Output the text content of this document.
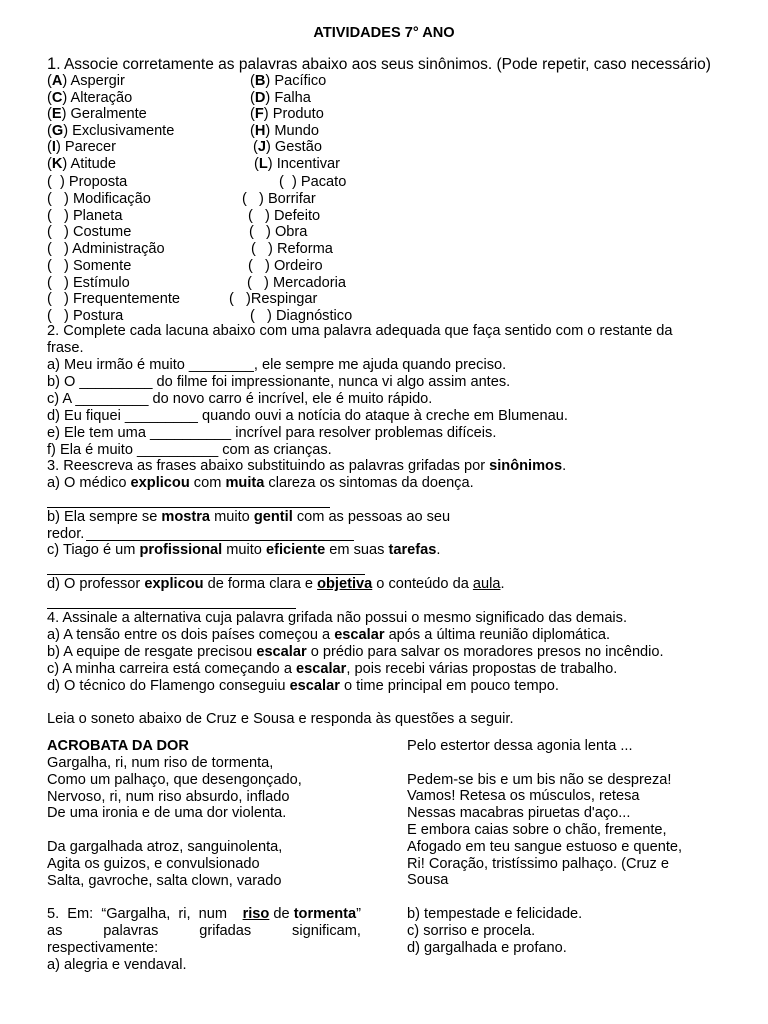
ATIVIDADES 7° ANO
1. Associe corretamente as palavras abaixo aos seus sinônimos. (Pode repetir, caso necessário)
(A) Aspergir	(B) Pacífico
(C) Alteração	(D) Falha
(E) Geralmente	(F) Produto
(G) Exclusivamente	(H) Mundo
(I) Parecer	(J) Gestão
(K) Atitude	(L) Incentivar
(  ) Proposta	(  ) Pacato
(   ) Modificação	(   ) Borrifar
(   ) Planeta	(   ) Defeito
(   ) Costume	(   ) Obra
(   ) Administração	(   ) Reforma
(   ) Somente	(   ) Ordeiro
(   ) Estímulo	(   ) Mercadoria
(   ) Frequentemente	(   )Respingar
(   ) Postura	(   ) Diagnóstico
2. Complete cada lacuna abaixo com uma palavra adequada que faça sentido com o restante da
frase.
a) Meu irmão é muito ________, ele sempre me ajuda quando preciso.
b) O _________ do filme foi impressionante, nunca vi algo assim antes.
c) A _________ do novo carro é incrível, ele é muito rápido.
d) Eu fiquei _________ quando ouvi a notícia do ataque à creche em Blumenau.
e) Ele tem uma __________ incrível para resolver problemas difíceis.
f) Ela é muito __________ com as crianças.
3. Reescreva as frases abaixo substituindo as palavras grifadas por sinônimos.
a) O médico explicou com muita clareza os sintomas da doença.
b) Ela sempre se mostra muito gentil com as pessoas ao seu
redor.
c) Tiago é um profissional muito eficiente em suas tarefas.
d) O professor explicou de forma clara e objetiva o conteúdo da aula.
4. Assinale a alternativa cuja palavra grifada não possui o mesmo significado das demais.
a) A tensão entre os dois países começou a escalar após a última reunião diplomática.
b) A equipe de resgate precisou escalar o prédio para salvar os moradores presos no incêndio.
c) A minha carreira está começando a escalar, pois recebi várias propostas de trabalho.
d) O técnico do Flamengo conseguiu escalar o time principal em pouco tempo.
Leia o soneto abaixo de Cruz e Sousa e responda às questões a seguir.
ACROBATA DA DOR
Gargalha, ri, num riso de tormenta,
Como um palhaço, que desengonçado,
Nervoso, ri, num riso absurdo, inflado
De uma ironia e de uma dor violenta.
Da gargalhada atroz, sanguinolenta,
Agita os guizos, e convulsionado
Salta, gavroche, salta clown, varado
Pelo estertor dessa agonia lenta ...
Pedem-se bis e um bis não se despreza!
Vamos! Retesa os músculos, retesa
Nessas macabras piruetas d'aço...
E embora caias sobre o chão, fremente,
Afogado em teu sangue estuoso e quente,
Ri! Coração, tristíssimo palhaço. (Cruz e
Sousa
5.  Em:  “Gargalha,  ri,  num riso de tormenta”
as	palavras	grifadas	significam,
respectivamente:
a) alegria e vendaval.
b) tempestade e felicidade.
c) sorriso e procela.
d) gargalhada e profano.
